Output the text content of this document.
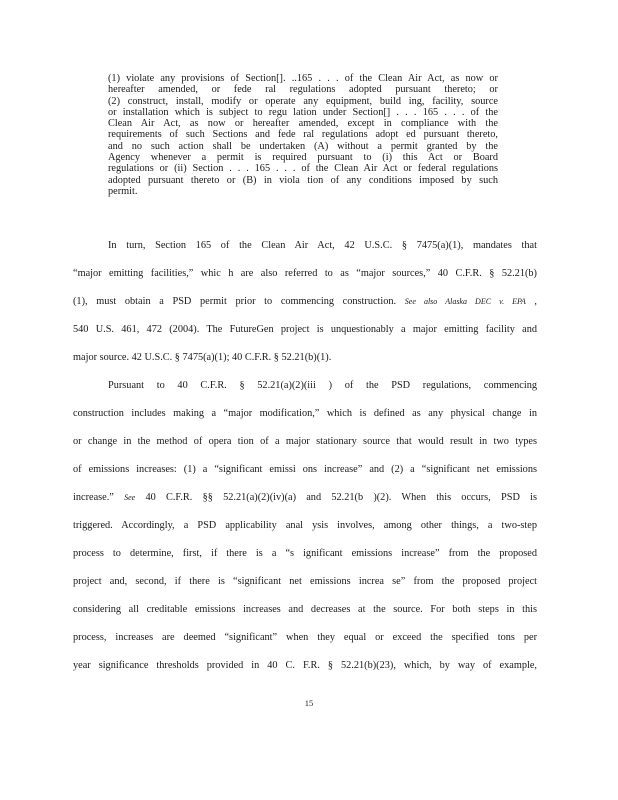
(1) violate any provisions of Section[]. ..165 . . . of the Clean Air Act, as now or
hereafter amended, or fede ral regulations adopted pursuant thereto; or
(2) construct, install, modify or operate any equipment, build ing, facility, source
or installation which is subject to regu lation under Section[] . . . 165 . . . of the
Clean Air Act, as now or hereafter amended, except in compliance with the
requirements of such Sections and fede ral regulations adopt ed pursuant thereto,
and no such action shall be undertaken (A) without a permit granted by the
Agency whenever a permit is required pursuant to (i) this Act or Board
regulations or (ii) Section . . . 165 . . . of the Clean Air Act or federal regulations
adopted pursuant thereto or (B) in viola tion of any conditions imposed by such
permit.
In turn, Section 165 of the Clean Air Act, 42 U.S.C. § 7475(a)(1), mandates that
“major emitting facilities,” whic h are also referred to as “major sources,” 40 C.F.R. § 52.21(b)
(1), must obtain a PSD permit prior to commencing construction. See also Alaska DEC v. EPA ,
540 U.S. 461, 472 (2004). The FutureGen project is unquestionably a major emitting facility and
major source. 42 U.S.C. § 7475(a)(1); 40 C.F.R. § 52.21(b)(1).
Pursuant to 40 C.F.R. § 52.21(a)(2)(iii ) of the PSD regulations, commencing
construction includes making a “major modification,” which is defined as any physical change in
or change in the method of opera tion of a major stationary source that would result in two types
of emissions increases: (1) a “significant emissi ons increase” and (2) a “significant net emissions
increase.” See 40 C.F.R. §§ 52.21(a)(2)(iv)(a) and 52.21(b )(2). When this occurs, PSD is
triggered. Accordingly, a PSD applicability anal ysis involves, among other things, a two-step
process to determine, first, if there is a “s ignificant emissions increase” from the proposed
project and, second, if there is “significant net emissions increa se” from the proposed project
considering all creditable emissions increases and decreases at the source. For both steps in this
process, increases are deemed “significant” when they equal or exceed the specified tons per
year significance thresholds provided in 40 C. F.R. § 52.21(b)(23), which, by way of example,
15
